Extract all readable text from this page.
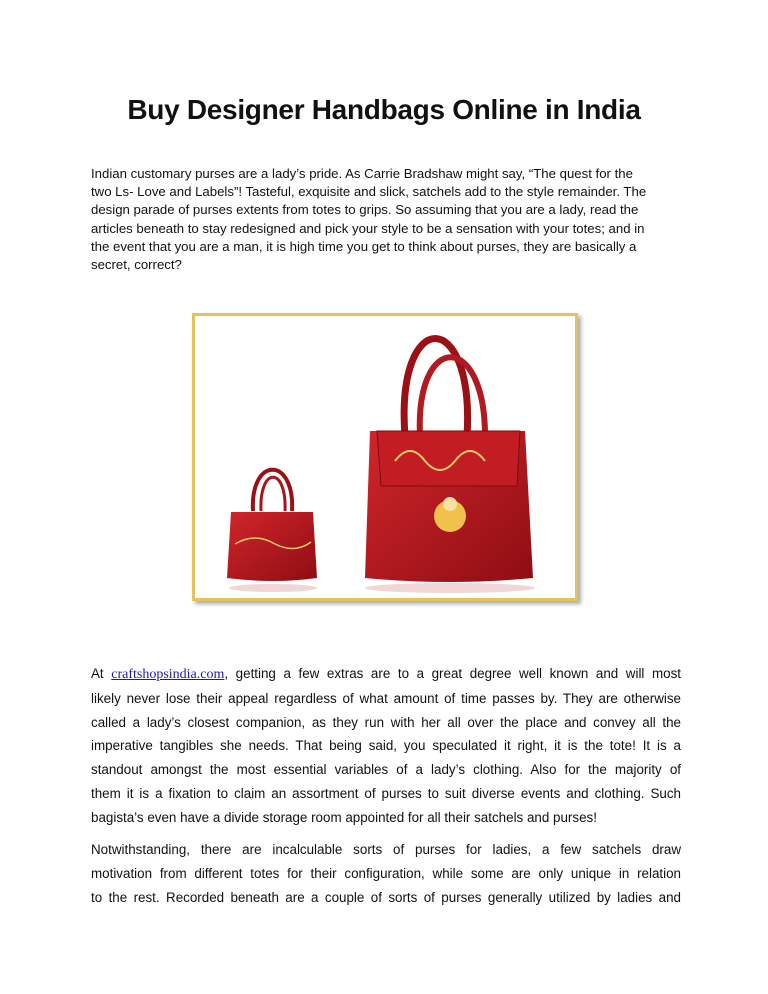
Buy Designer Handbags Online in India
Indian customary purses are a lady’s pride. As Carrie Bradshaw might say, “The quest for the
two Ls- Love and Labels”! Tasteful, exquisite and slick, satchels add to the style remainder. The
design parade of purses extents from totes to grips. So assuming that you are a lady, read the
articles beneath to stay redesigned and pick your style to be a sensation with your totes; and in
the event that you are a man, it is high time you get to think about purses, they are basically a
secret, correct?
At craftshopsindia.com, getting a few extras are to a great degree well known and will most
likely never lose their appeal regardless of what amount of time passes by. They are otherwise
called a lady’s closest companion, as they run with her all over the place and convey all the
imperative tangibles she needs. That being said, you speculated it right, it is the tote! It is a
standout amongst the most essential variables of a lady’s clothing. Also for the majority of
them it is a fixation to claim an assortment of purses to suit diverse events and clothing. Such
bagista’s even have a divide storage room appointed for all their satchels and purses!
Notwithstanding, there are incalculable sorts of purses for ladies, a few satchels draw
motivation from different totes for their configuration, while some are only unique in relation
to the rest. Recorded beneath are a couple of sorts of purses generally utilized by ladies and
